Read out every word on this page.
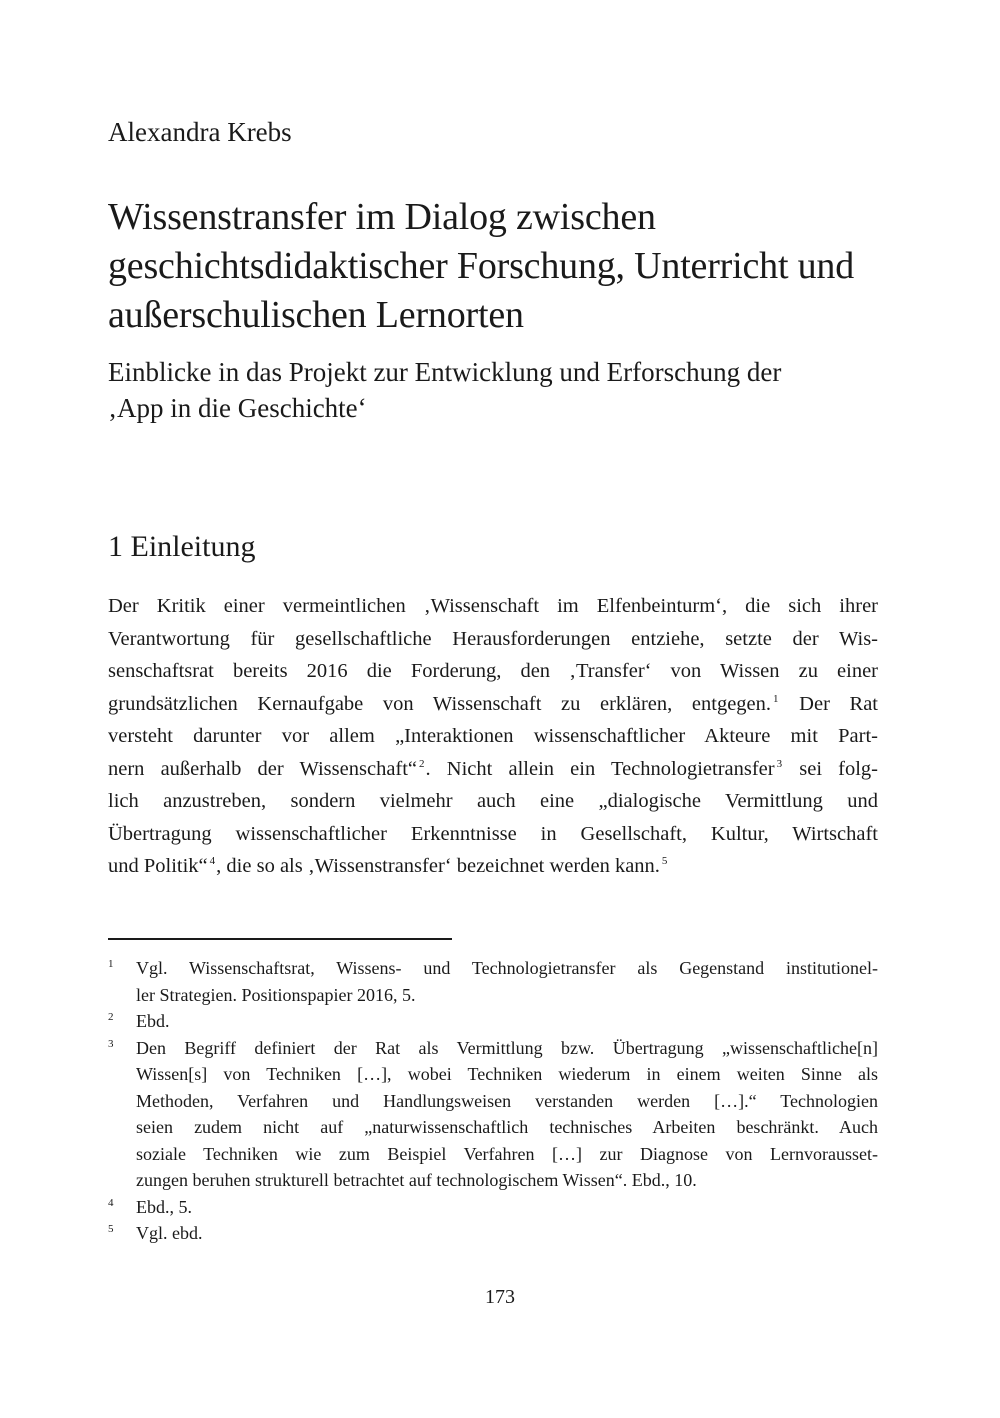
Alexandra Krebs
Wissenstransfer im Dialog zwischen
geschichtsdidaktischer Forschung, Unterricht und
außerschulischen Lernorten
Einblicke in das Projekt zur Entwicklung und Erforschung der
‚App in die Geschichte‘
1 Einleitung
Der Kritik einer vermeintlichen ‚Wissenschaft im Elfenbeinturm‘, die sich ihrer
Verantwortung für gesellschaftliche Herausforderungen entziehe, setzte der Wis-
senschaftsrat bereits 2016 die Forderung, den ‚Transfer‘ von Wissen zu einer
grundsätzlichen Kernaufgabe von Wissenschaft zu erklären, entgegen. $^1$ Der Rat
versteht darunter vor allem „Interaktionen wissenschaftlicher Akteure mit Part-
nern außerhalb der Wissenschaft“ $^2$. Nicht allein ein Technologietransfer $^3$ sei folg-
lich anzustreben, sondern vielmehr auch eine „dialogische Vermittlung und
Übertragung wissenschaftlicher Erkenntnisse in Gesellschaft, Kultur, Wirtschaft
und Politik“ $^4$, die so als ‚Wissenstransfer‘ bezeichnet werden kann. $^5$
1 Vgl. Wissenschaftsrat, Wissens- und Technologietransfer als Gegenstand institutionel-
ler Strategien. Positionspapier 2016, 5.
2 Ebd.
3 Den Begriff definiert der Rat als Vermittlung bzw. Übertragung „wissenschaftliche[n]
Wissen[s] von Techniken […], wobei Techniken wiederum in einem weiten Sinne als
Methoden, Verfahren und Handlungsweisen verstanden werden […].“ Technologien
seien zudem nicht auf „naturwissenschaftlich technisches Arbeiten beschränkt. Auch
soziale Techniken wie zum Beispiel Verfahren […] zur Diagnose von Lernvorausset-
zungen beruhen strukturell betrachtet auf technologischem Wissen“. Ebd., 10.
4 Ebd., 5.
5 Vgl. ebd.
173
